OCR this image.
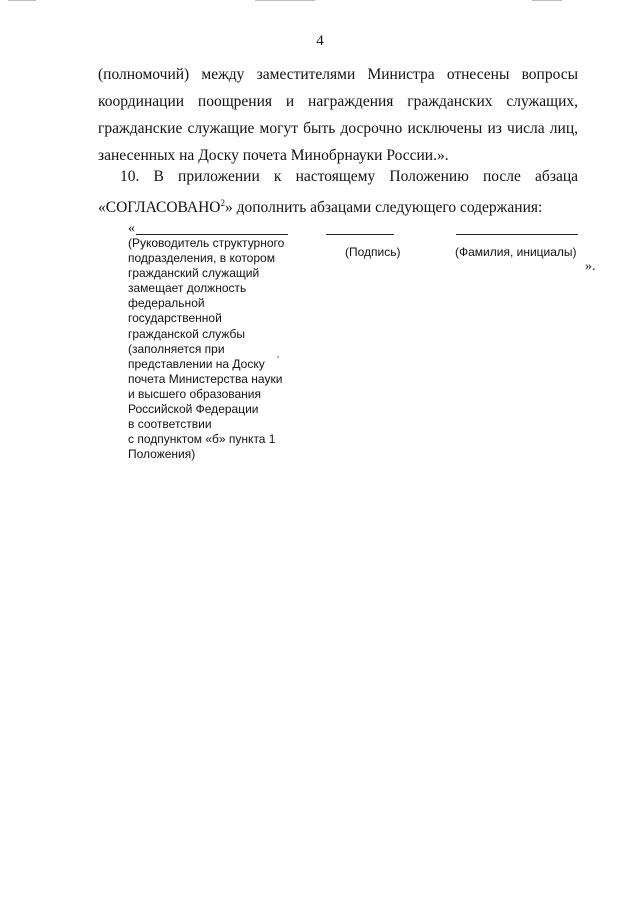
4
(полномочий) между заместителями Министра отнесены вопросы
координации поощрения и награждения гражданских служащих,
гражданские служащие могут быть досрочно исключены из числа лиц,
занесенных на Доску почета Минобрнауки России.».
10. В приложении к настоящему Положению после абзаца
«СОГЛАСОВАНО$^2$» дополнить абзацами следующего содержания:
«
(Руководитель структурного
подразделения, в котором
гражданский служащий
замещает должность
федеральной
государственной
гражданской службы
(заполняется при
представлении на Доску
почета Министерства науки
и высшего образования
Российской Федерации
в соответствии
с подпунктом «б» пункта 1
Положения)
(Подпись)	(Фамилия, инициалы)
».
